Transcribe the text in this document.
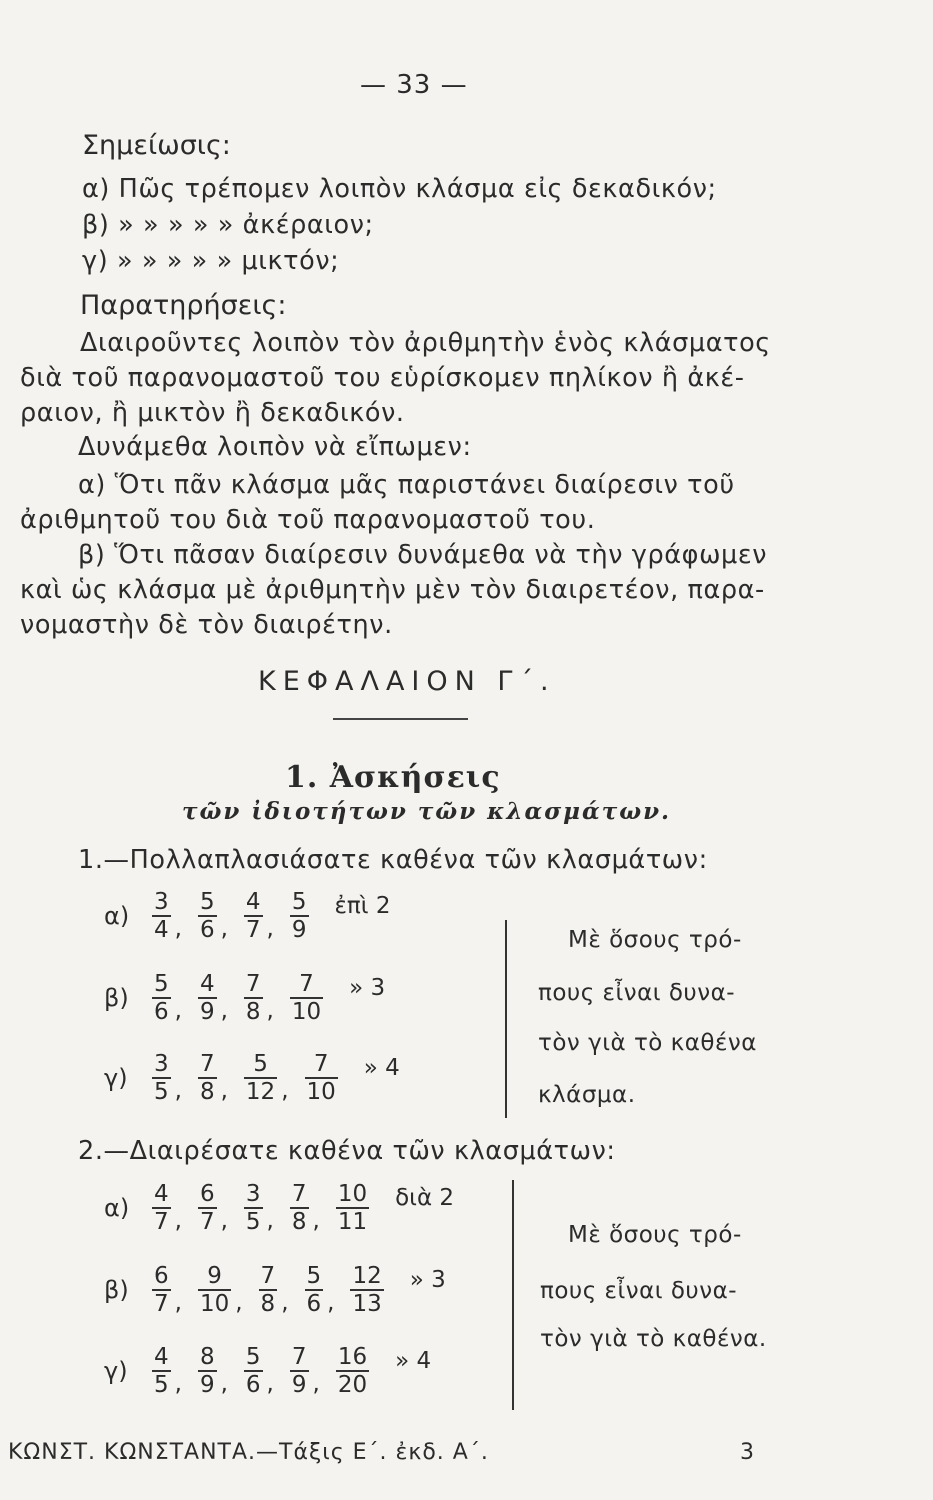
— 33 —
Σημείωσις:
α) Πῶς τρέπομεν λοιπὸν κλάσμα εἰς δεκαδικόν;
β) » » » » » ἀκέραιον;
γ) » » » » » μικτόν;
Παρατηρήσεις:
Διαιροῦντες λοιπὸν τὸν ἀριθμητὴν ἑνὸς κλάσματος
διὰ τοῦ παρανομαστοῦ του εὑρίσκομεν πηλίκον ἢ ἀκέ-
ραιον, ἢ μικτὸν ἢ δεκαδικόν.
Δυνάμεθα λοιπὸν νὰ εἴπωμεν:
α) Ὅτι πᾶν κλάσμα μᾶς παριστάνει διαίρεσιν τοῦ
ἀριθμητοῦ του διὰ τοῦ παρανομαστοῦ του.
β) Ὅτι πᾶσαν διαίρεσιν δυνάμεθα νὰ τὴν γράφωμεν
καὶ ὡς κλάσμα μὲ ἀριθμητὴν μὲν τὸν διαιρετέον, παρα-
νομαστὴν δὲ τὸν διαιρέτην.
ΚΕΦΑΛΑΙΟΝ Γ΄.
1. Ἀσκήσεις
τῶν ἰδιοτήτων τῶν κλασμάτων.
1.—Πολλαπλασιάσατε καθένα τῶν κλασμάτων:
$\alpha) \frac{3}{4}$ , $\frac{5}{6}$ , $\frac{4}{7}$ , $\frac{5}{9}$ ἐπὶ 2
β)	$\frac{5}{6}$ , $\frac{4}{9}$ , $\frac{7}{8}$ , $\frac{7}{10}$ » 3
γ)	$\frac{3}{5}$ , $\frac{7}{8}$ , $\frac{5}{12}$ , $\frac{7}{10}$ » 4
Μὲ ὅσους τρό-
πους εἶναι δυνα-
τὸν γιὰ τὸ καθένα
κλάσμα.
2.—Διαιρέσατε καθένα τῶν κλασμάτων:
$\alpha) \frac{4}{7}$ , $\frac{6}{7}$ , $\frac{3}{5}$ , $\frac{7}{8}$ , $\frac{10}{11}$ διὰ 2
β)	$\frac{6}{7}$ , $\frac{9}{10}$ , $\frac{7}{8}$ , $\frac{5}{6}$ , $\frac{12}{13}$ » 3
γ)	$\frac{4}{5}$ , $\frac{8}{9}$ , $\frac{5}{6}$ , $\frac{7}{9}$ , $\frac{16}{20}$ » 4
Μὲ ὅσους τρό-
πους εἶναι δυνα-
τὸν γιὰ τὸ καθένα.
ΚΩΝΣΤ. ΚΩΝΣΤΑΝΤΑ.—Τάξις Ε΄. ἐκδ. Α΄.	3
